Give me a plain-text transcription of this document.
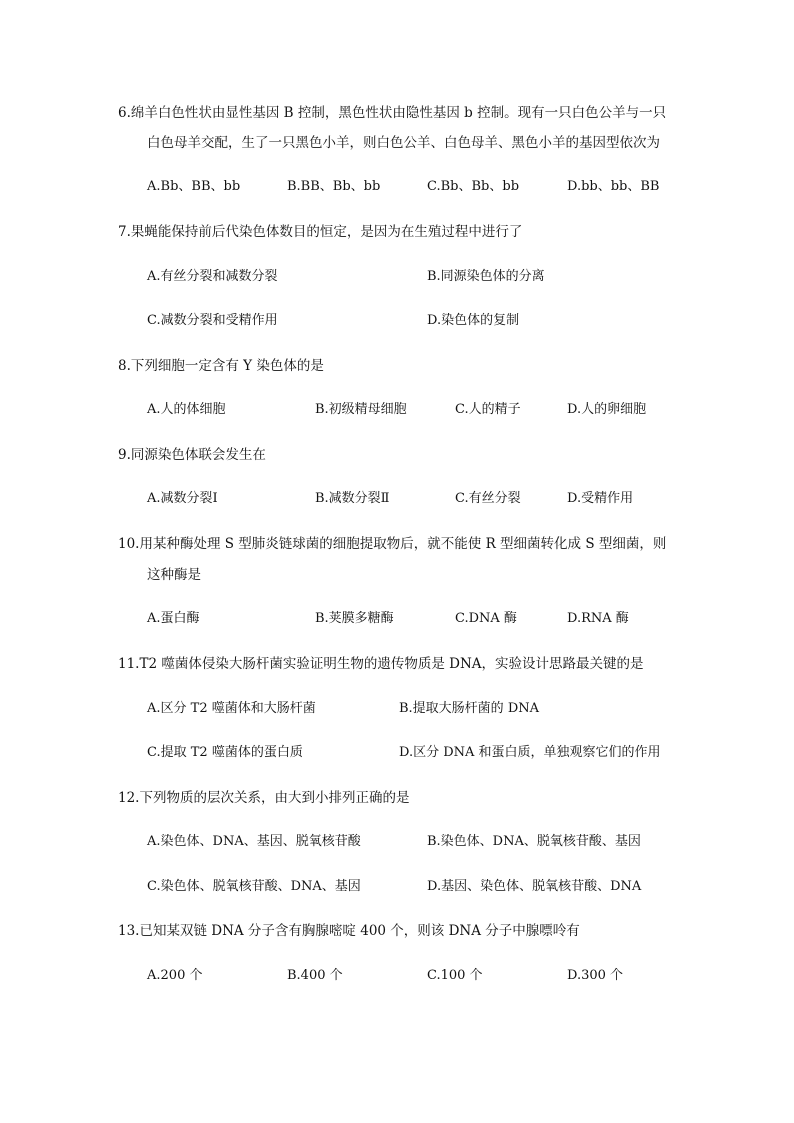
6.绵羊白色性状由显性基因 B 控制，黑色性状由隐性基因 b 控制。现有一只白色公羊与一只
白色母羊交配，生了一只黑色小羊，则白色公羊、白色母羊、黑色小羊的基因型依次为
A.Bb、BB、bb	B.BB、Bb、bb	C.Bb、Bb、bb	D.bb、bb、BB
7.果蝇能保持前后代染色体数目的恒定，是因为在生殖过程中进行了
A.有丝分裂和减数分裂	B.同源染色体的分离
C.减数分裂和受精作用	D.染色体的复制
8.下列细胞一定含有 Y 染色体的是
A.人的体细胞	B.初级精母细胞	C.人的精子	D.人的卵细胞
9.同源染色体联会发生在
A.减数分裂Ⅰ	B.减数分裂Ⅱ	C.有丝分裂	D.受精作用
10.用某种酶处理 S 型肺炎链球菌的细胞提取物后，就不能使 R 型细菌转化成 S 型细菌，则
这种酶是
A.蛋白酶	B.荚膜多糖酶	C.DNA 酶	D.RNA 酶
11.T2 噬菌体侵染大肠杆菌实验证明生物的遗传物质是 DNA，实验设计思路最关键的是
A.区分 T2 噬菌体和大肠杆菌	B.提取大肠杆菌的 DNA
C.提取 T2 噬菌体的蛋白质	D.区分 DNA 和蛋白质，单独观察它们的作用
12.下列物质的层次关系，由大到小排列正确的是
A.染色体、DNA、基因、脱氧核苷酸	B.染色体、DNA、脱氧核苷酸、基因
C.染色体、脱氧核苷酸、DNA、基因	D.基因、染色体、脱氧核苷酸、DNA
13.已知某双链 DNA 分子含有胸腺嘧啶 400 个，则该 DNA 分子中腺嘌呤有
A.200 个	B.400 个	C.100 个	D.300 个
